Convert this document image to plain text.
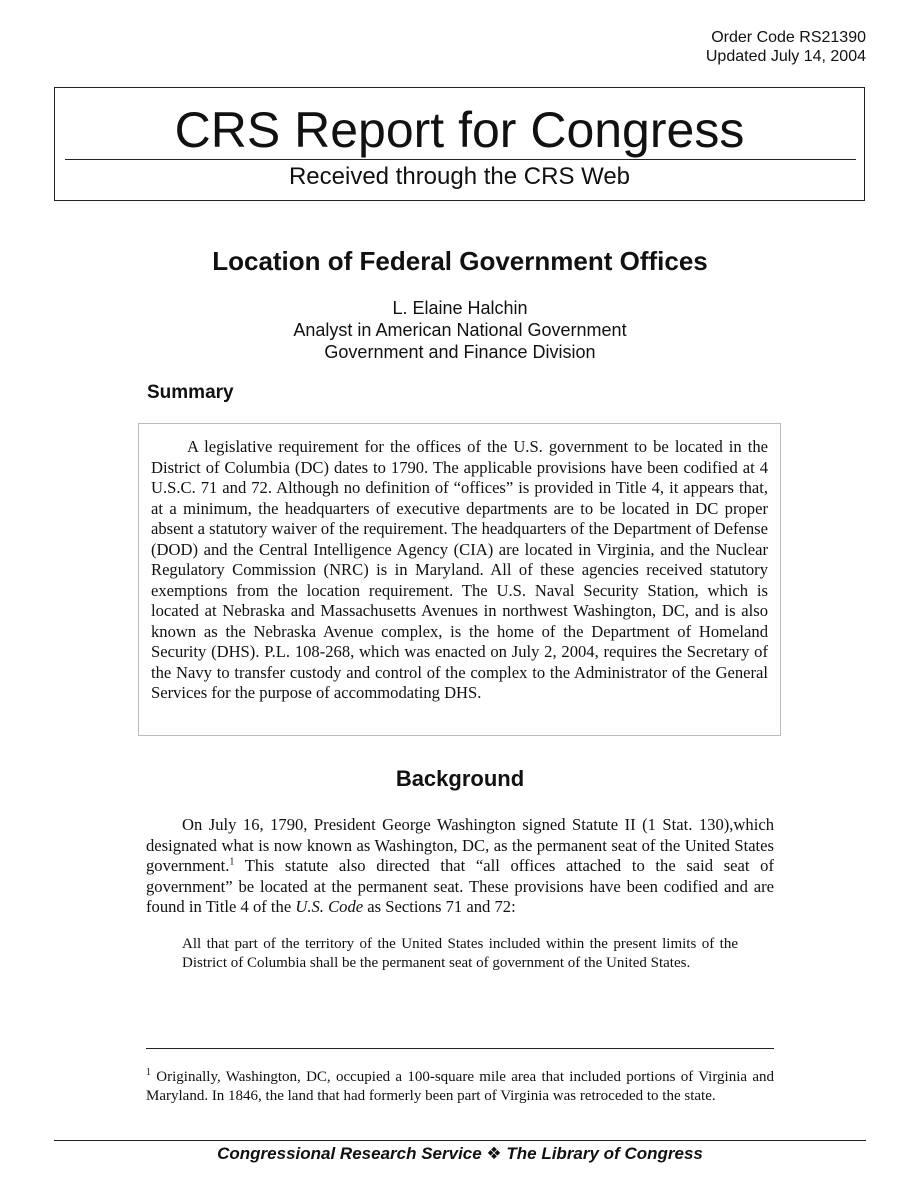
Order Code RS21390
Updated July 14, 2004
CRS Report for Congress
Received through the CRS Web
Location of Federal Government Offices
L. Elaine Halchin
Analyst in American National Government
Government and Finance Division
Summary

A legislative requirement for the offices of the U.S. government to be located in the District of Columbia (DC) dates to 1790. The applicable provisions have been codified at 4 U.S.C. 71 and 72. Although no definition of “offices” is provided in Title 4, it appears that, at a minimum, the headquarters of executive departments are to be located in DC proper absent a statutory waiver of the requirement. The headquarters of the Department of Defense (DOD) and the Central Intelligence Agency (CIA) are located in Virginia, and the Nuclear Regulatory Commission (NRC) is in Maryland. All of these agencies received statutory exemptions from the location requirement. The U.S. Naval Security Station, which is located at Nebraska and Massachusetts Avenues in northwest Washington, DC, and is also known as the Nebraska Avenue complex, is the home of the Department of Homeland Security (DHS). P.L. 108-268, which was enacted on July 2, 2004, requires the Secretary of the Navy to transfer custody and control of the complex to the Administrator of the General Services for the purpose of accommodating DHS.

Background

On July 16, 1790, President George Washington signed Statute II (1 Stat. 130),which designated what is now known as Washington, DC, as the permanent seat of the United States government.$^1$ This statute also directed that “all offices attached to the said seat of government” be located at the permanent seat. These provisions have been codified and are found in Title 4 of the U.S. Code as Sections 71 and 72:

All that part of the territory of the United States included within the present limits of the District of Columbia shall be the permanent seat of government of the United States.

$^1$ Originally, Washington, DC, occupied a 100-square mile area that included portions of Virginia and Maryland. In 1846, the land that had formerly been part of Virginia was retroceded to the state.

Congressional Research Service ❖ The Library of Congress
